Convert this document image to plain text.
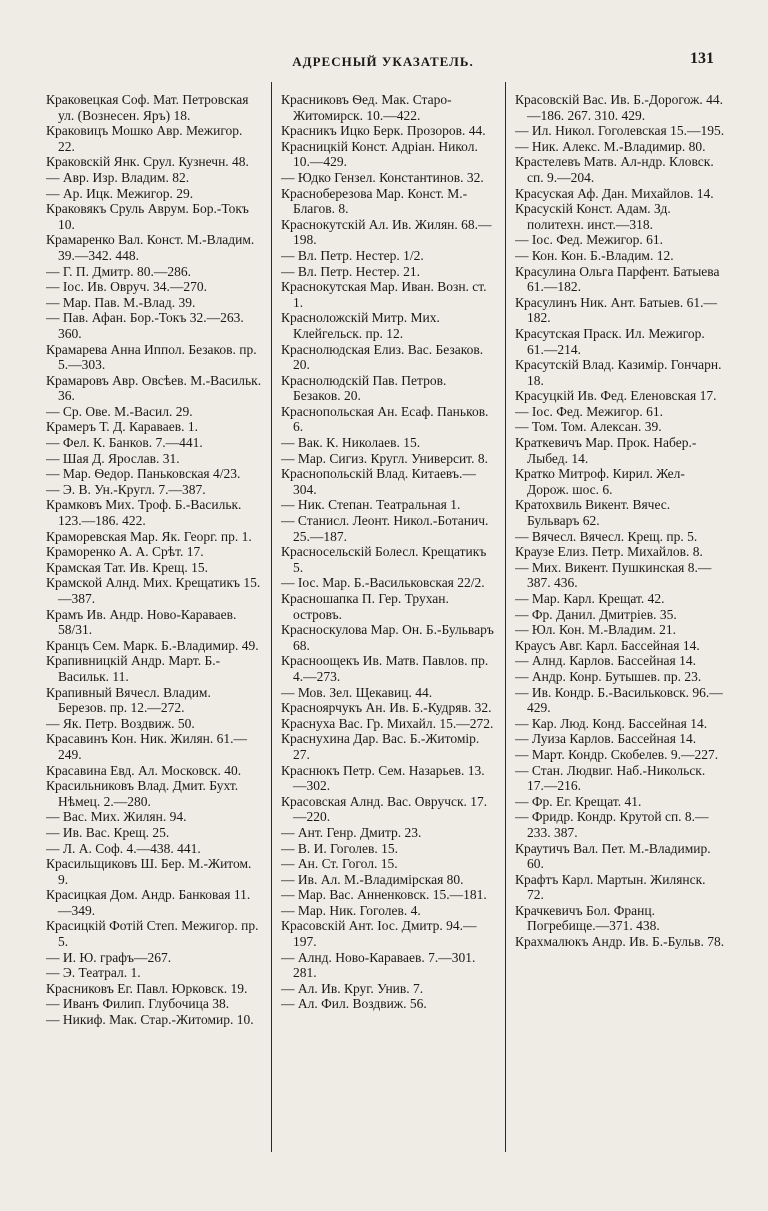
АДРЕСНЫЙ УКАЗАТЕЛЬ.	131

Краковецкая Соф. Мат. Петровская ул. (Вознесен. Яръ) 18.

Краковицъ Мошко Авр. Межигор. 22.

Краковскій Янк. Срул. Кузнечн. 48.

— Авр. Изр. Владим. 82.

— Ар. Ицк. Межигор. 29.

Краковякъ Сруль Аврум. Бор.-Токъ 10.

Крамаренко Вал. Конст. М.-Владим. 39.—342. 448.

— Г. П. Дмитр. 80.—286.

— Іос. Ив. Овруч. 34.—270.

— Мар. Пав. М.-Влад. 39.

— Пав. Афан. Бор.-Токъ 32.—263. 360.

Крамарева Анна Иппол. Безаков. пр. 5.—303.

Крамаровъ Авр. Овсѣев. М.-Васильк. 36.

— Ср. Ове. М.-Васил. 29.

Крамеръ Т. Д. Караваев. 1.

— Фел. К. Банков. 7.—441.

— Шая Д. Ярослав. 31.

— Мар. Ѳедор. Паньковская 4/23.

— Э. В. Ун.-Кругл. 7.—387.

Крамковъ Мих. Троф. Б.-Васильк. 123.—186. 422.

Краморевская Мар. Як. Георг. пр. 1.

Краморенко А. А. Срѣт. 17.

Крамская Тат. Ив. Крещ. 15.

Крамской Алнд. Мих. Крещатикъ 15.—387.

Крамъ Ив. Андр. Ново-Караваев. 58/31.

Кранцъ Сем. Марк. Б.-Владимир. 49.

Крапивницкій Андр. Март. Б.-Васильк. 11.

Крапивный Вячесл. Владим. Березов. пр. 12.—272.

— Як. Петр. Воздвиж. 50.

Красавинъ Кон. Ник. Жилян. 61.—249.

Красавина Евд. Ал. Московск. 40.

Красильниковъ Влад. Дмит. Бухт. Нѣмец. 2.—280.

— Вас. Мих. Жилян. 94.

— Ив. Вас. Крещ. 25.

— Л. А. Соф. 4.—438. 441.

Красильщиковъ Ш. Бер. М.-Житом. 9.

Красицкая Дом. Андр. Банковая 11.—349.

Красицкій Фотій Степ. Межигор. пр. 5.

— И. Ю. графъ—267.

— Э. Театрал. 1.

Красниковъ Ег. Павл. Юрковск. 19.

— Иванъ Филип. Глубочица 38.

— Никиф. Мак. Стар.-Житомир. 10.

Красниковъ Ѳед. Мак. Старо-Житомирск. 10.—422.

Красникъ Ицко Берк. Прозоров. 44.

Красницкій Конст. Адріан. Никол. 10.—429.

— Юдко Гензел. Константинов. 32.

Красноберезова Мар. Конст. М.-Благов. 8.

Краснокутскій Ал. Ив. Жилян. 68.—198.

— Вл. Петр. Нестер. 1/2.

— Вл. Петр. Нестер. 21.

Краснокутская Мар. Иван. Возн. ст. 1.

Красноложскій Митр. Мих. Клейгельск. пр. 12.

Краснолюдская Елиз. Вас. Безаков. 20.

Краснолюдскій Пав. Петров. Безаков. 20.

Краснопольская Ан. Есаф. Паньков. 6.

— Вак. К. Николаев. 15.

— Мар. Сигиз. Кругл. Университ. 8.

Краснопольскій Влад. Китаевъ.—304.

— Ник. Степан. Театральная 1.

— Станисл. Леонт. Никол.-Ботанич. 25.—187.

Красносельскій Болесл. Крещатикъ 5.

— Іос. Мар. Б.-Васильковская 22/2.

Красношапка П. Гер. Трухан. островъ.

Красноскулова Мар. Он. Б.-Бульваръ 68.

Красноощекъ Ив. Матв. Павлов. пр. 4.—273.

— Мов. Зел. Щекавиц. 44.

Красноярчукъ Ан. Ив. Б.-Кудряв. 32.

Краснуха Вас. Гр. Михайл. 15.—272.

Краснухина Дар. Вас. Б.-Житомір. 27.

Краснюкъ Петр. Сем. Назарьев. 13.—302.

Красовская Алнд. Вас. Овручск. 17.—220.

— Ант. Генр. Дмитр. 23.

— В. И. Гоголев. 15.

— Ан. Ст. Гогол. 15.

— Ив. Ал. М.-Владимірская 80.

— Мар. Вас. Анненковск. 15.—181.

— Мар. Ник. Гоголев. 4.

Красовскій Ант. Іос. Дмитр. 94.—197.

— Алнд. Ново-Караваев. 7.—301. 281.

— Ал. Ив. Круг. Унив. 7.

— Ал. Фил. Воздвиж. 56.

Красовскій Вас. Ив. Б.-Дорогож. 44.—186. 267. 310. 429.

— Ил. Никол. Гоголевская 15.—195.

— Ник. Алекс. М.-Владимир. 80.

Крастелевъ Матв. Ал-ндр. Кловск. сп. 9.—204.

Красуская Аф. Дан. Михайлов. 14.

Красускій Конст. Адам. Зд. политехн. инст.—318.

— Іос. Фед. Межигор. 61.

— Кон. Кон. Б.-Владим. 12.

Красулина Ольга Парфент. Батыева 61.—182.

Красулинъ Ник. Ант. Батыев. 61.—182.

Красутская Праск. Ил. Межигор. 61.—214.

Красутскій Влад. Казимір. Гончарн. 18.

Красуцкій Ив. Фед. Еленовская 17.

— Іос. Фед. Межигор. 61.

— Том. Том. Алексан. 39.

Краткевичъ Мар. Прок. Набер.-Лыбед. 14.

Кратко Митроф. Кирил. Жел-Дорож. шос. 6.

Кратохвиль Викент. Вячес. Бульваръ 62.

— Вячесл. Вячесл. Крещ. пр. 5.

Краузе Елиз. Петр. Михайлов. 8.

— Мих. Викент. Пушкинская 8.—387. 436.

— Мар. Карл. Крещат. 42.

— Фр. Данил. Дмитріев. 35.

— Юл. Кон. М.-Владим. 21.

Краусъ Авг. Карл. Бассейная 14.

— Алнд. Карлов. Бассейная 14.

— Андр. Конр. Бутышев. пр. 23.

— Ив. Кондр. Б.-Васильковск. 96.—429.

— Кар. Люд. Конд. Бассейная 14.

— Луиза Карлов. Бассейная 14.

— Март. Кондр. Скобелев. 9.—227.

— Стан. Людвиг. Наб.-Никольск. 17.—216.

— Фр. Ег. Крещат. 41.

— Фридр. Кондр. Крутой сп. 8.—233. 387.

Краутичъ Вал. Пет. М.-Владимир. 60.

Крафтъ Карл. Мартын. Жилянск. 72.

Крачкевичъ Бол. Франц. Погребище.—371. 438.

Крахмалюкъ Андр. Ив. Б.-Бульв. 78.
